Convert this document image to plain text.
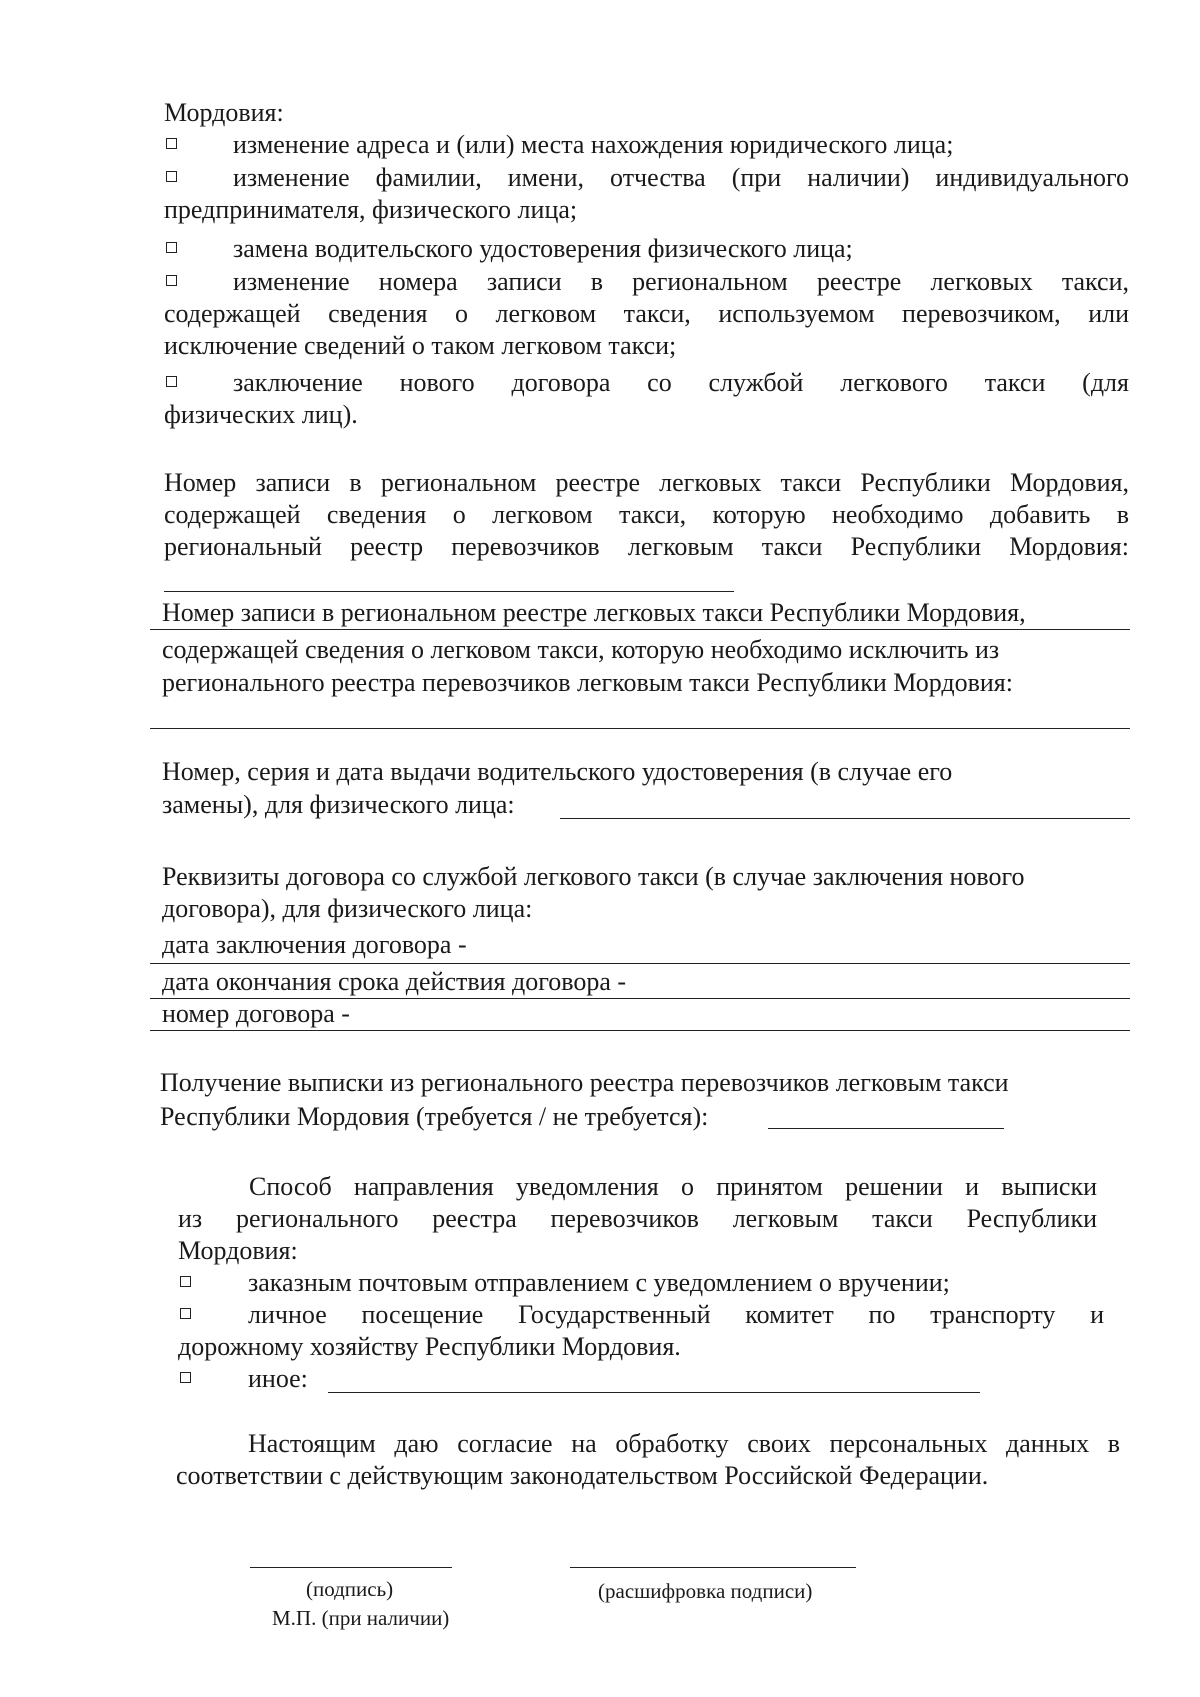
Мордовия:
изменение адреса и (или) места нахождения юридического лица;
изменение фамилии, имени, отчества (при наличии) индивидуального
предпринимателя, физического лица;
замена водительского удостоверения физического лица;
изменение номера записи в региональном реестре легковых такси,
содержащей сведения о легковом такси, используемом перевозчиком, или
исключение сведений о таком легковом такси;
заключение нового договора со службой легкового такси (для
физических лиц).
Номер записи в региональном реестре легковых такси Республики Мордовия,
содержащей сведения о легковом такси, которую необходимо добавить в
региональный реестр перевозчиков легковым такси Республики Мордовия:
Номер записи в региональном реестре легковых такси Республики Мордовия,
содержащей сведения о легковом такси, которую необходимо исключить из
регионального реестра перевозчиков легковым такси Республики Мордовия:
Номер, серия и дата выдачи водительского удостоверения (в случае его
замены), для физического лица:
Реквизиты договора со службой легкового такси (в случае заключения нового
договора), для физического лица:
дата заключения договора -
дата окончания срока действия договора -
номер договора -
Получение выписки из регионального реестра перевозчиков легковым такси
Республики Мордовия (требуется / не требуется):
Способ направления уведомления о принятом решении и выписки
из регионального реестра перевозчиков легковым такси Республики
Мордовия:
заказным почтовым отправлением с уведомлением о вручении;
личное посещение Государственный комитет по транспорту и
дорожному хозяйству Республики Мордовия.
иное:
Настоящим даю согласие на обработку своих персональных данных в
соответствии с действующим законодательством Российской Федерации.
(подпись)
М.П. (при наличии)
(расшифровка подписи)
